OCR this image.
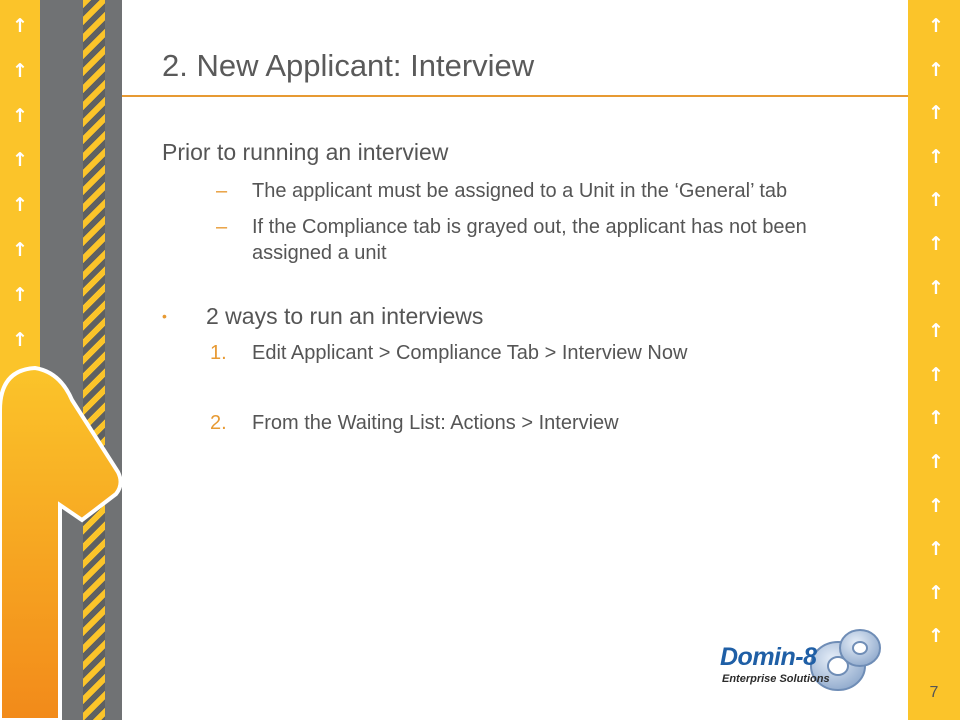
↑
↑
↑
↑
↑
↑
↑
↑
↑
↑
↑
↑
↑
↑
↑
↑
↑
↑
↑
↑
↑
↑
↑
2. New Applicant: Interview

Prior to running an interview

– The applicant must be assigned to a Unit in the ‘General’ tab
– If the Compliance tab is grayed out, the applicant has not been assigned a unit
• 2 ways to run an interviews
1. Edit Applicant > Compliance Tab > Interview Now
2. From the Waiting List: Actions > Interview
Domin-8
Enterprise Solutions
7
